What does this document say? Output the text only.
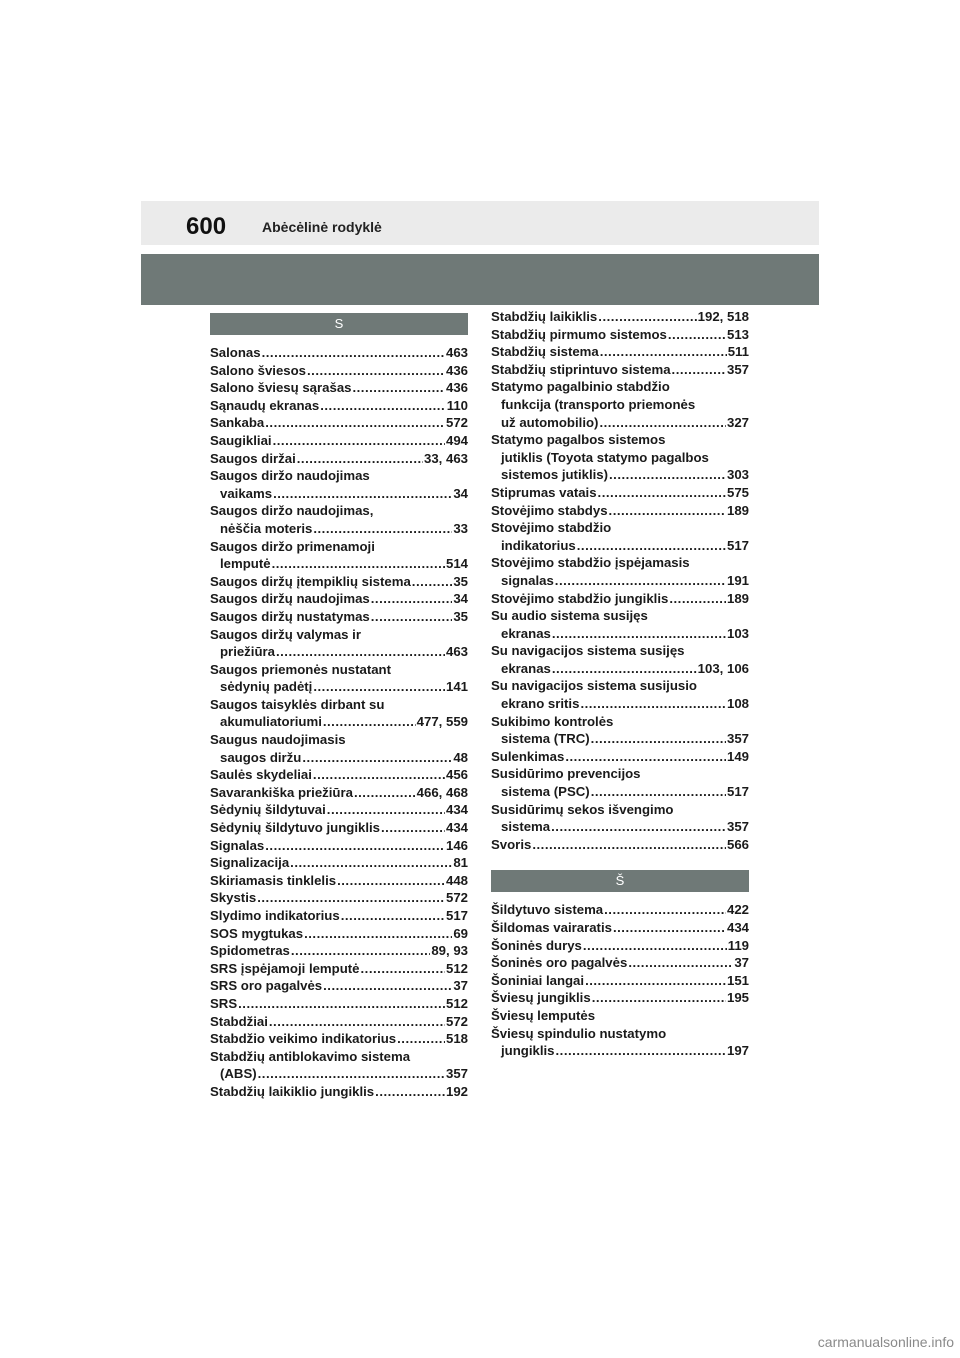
600	Abėcėlinė rodyklė
S
Salonas .....	463
Salono šviesos .....	436
Salono šviesų sąrašas .....	436
Sąnaudų ekranas .....	110
Sankaba .....	572
Saugikliai .....	494
Saugos diržai .....	33, 463
Saugos diržo naudojimas
vaikams .....	34
Saugos diržo naudojimas,
nėščia moteris .....	33
Saugos diržo primenamoji
lemputė .....	514
Saugos diržų įtempiklių sistema .....	35
Saugos diržų naudojimas .....	34
Saugos diržų nustatymas .....	35
Saugos diržų valymas ir
priežiūra .....	463
Saugos priemonės nustatant
sėdynių padėtį .....	141
Saugos taisyklės dirbant su
akumuliatoriumi .....	477, 559
Saugus naudojimasis
saugos diržu .....	48
Saulės skydeliai .....	456
Savarankiška priežiūra .....	466, 468
Sėdynių šildytuvai .....	434
Sėdynių šildytuvo jungiklis .....	434
Signalas .....	146
Signalizacija .....	81
Skiriamasis tinklelis .....	448
Skystis .....	572
Slydimo indikatorius .....	517
SOS mygtukas .....	69
Spidometras .....	89, 93
SRS įspėjamoji lemputė .....	512
SRS oro pagalvės .....	37
SRS .....	512
Stabdžiai .....	572
Stabdžio veikimo indikatorius .....	518
Stabdžių antiblokavimo sistema
(ABS) .....	357
Stabdžių laikiklio jungiklis .....	192
Stabdžių laikiklis .....	192, 518
Stabdžių pirmumo sistemos .....	513
Stabdžių sistema .....	511
Stabdžių stiprintuvo sistema .....	357
Statymo pagalbinio stabdžio
funkcija (transporto priemonės
už automobilio) .....	327
Statymo pagalbos sistemos
jutiklis (Toyota statymo pagalbos
sistemos jutiklis) .....	303
Stiprumas vatais .....	575
Stovėjimo stabdys .....	189
Stovėjimo stabdžio
indikatorius .....	517
Stovėjimo stabdžio įspėjamasis
signalas .....	191
Stovėjimo stabdžio jungiklis .....	189
Su audio sistema susijęs
ekranas .....	103
Su navigacijos sistema susijęs
ekranas .....	103, 106
Su navigacijos sistema susijusio
ekrano sritis .....	108
Sukibimo kontrolės
sistema (TRC) .....	357
Sulenkimas .....	149
Susidūrimo prevencijos
sistema (PSC) .....	517
Susidūrimų sekos išvengimo
sistema .....	357
Svoris .....	566
Š
Šildytuvo sistema .....	422
Šildomas vairaratis .....	434
Šoninės durys .....	119
Šoninės oro pagalvės .....	37
Šoniniai langai .....	151
Šviesų jungiklis .....	195
Šviesų lemputės
Šviesų spindulio nustatymo
jungiklis .....	197
carmanualsonline.info
